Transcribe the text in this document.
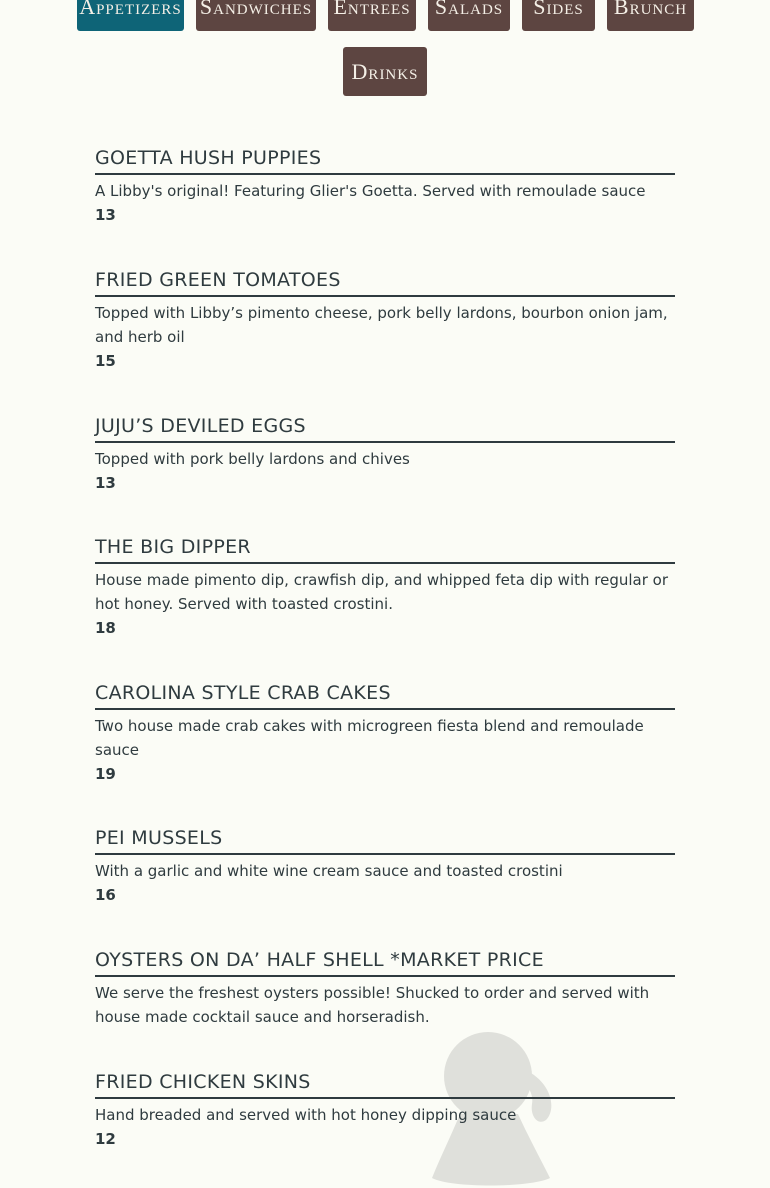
Appetizers Sandwiches Entrees	Salads	Sides	Brunch
Drinks
GOETTA HUSH PUPPIES
A Libby's original! Featuring Glier's Goetta. Served with remoulade sauce
13
FRIED GREEN TOMATOES
Topped with Libby’s pimento cheese, pork belly lardons, bourbon onion jam, and herb oil
15
JUJU’S DEVILED EGGS
Topped with pork belly lardons and chives
13
THE BIG DIPPER
House made pimento dip, crawfish dip, and whipped feta dip with regular or hot honey. Served with toasted crostini.
18
CAROLINA STYLE CRAB CAKES
Two house made crab cakes with microgreen fiesta blend and remoulade sauce
19
PEI MUSSELS
With a garlic and white wine cream sauce and toasted crostini
16
OYSTERS ON DA’ HALF SHELL *MARKET PRICE
We serve the freshest oysters possible! Shucked to order and served with house made cocktail sauce and horseradish.
FRIED CHICKEN SKINS
Hand breaded and served with hot honey dipping sauce
12
